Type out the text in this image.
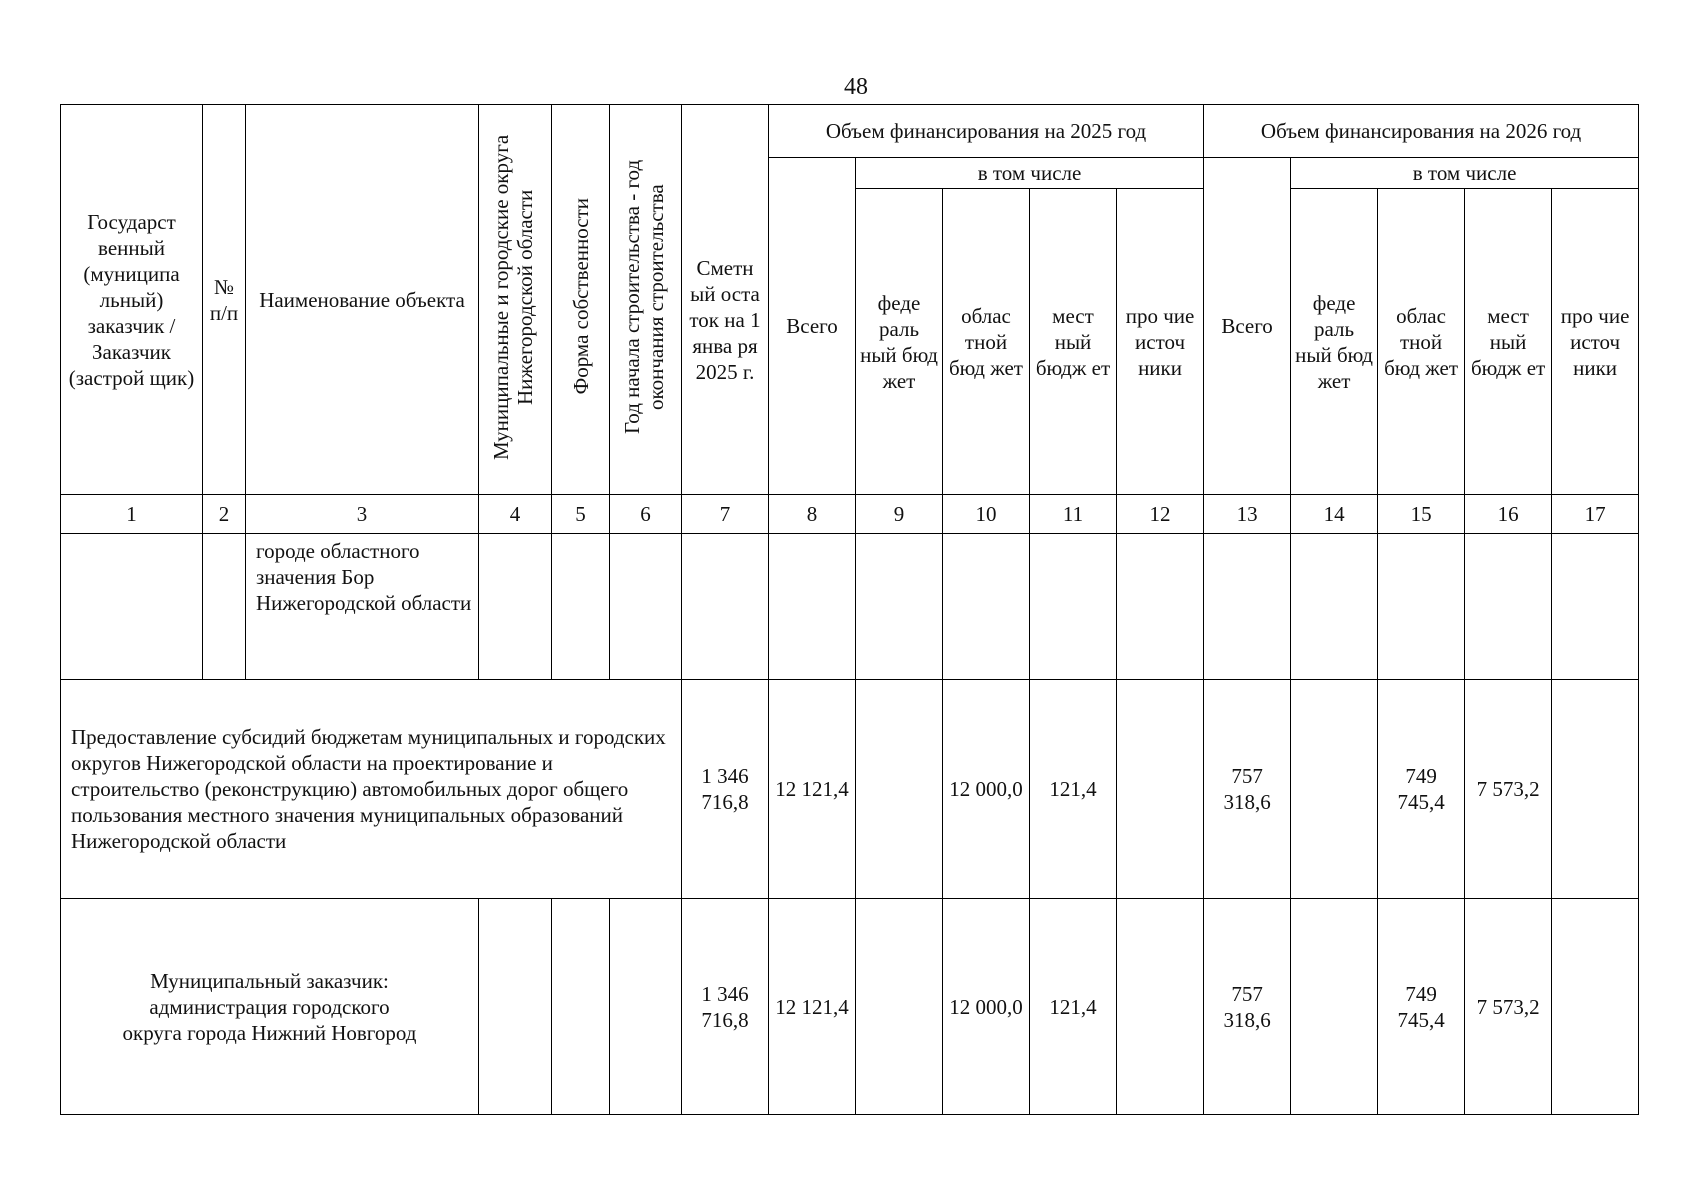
48
Государст венный (муниципа льный) заказчик / Заказчик (застрой щик)	№ п/п	Наименование объекта	Муниципальные и городские округа Нижегородской области	Форма собственности	Год начала строительства - год окончания строительства	Сметн ый оста ток на 1 янва ря 2025 г.	Объем финансирования на 2025 год					Объем финансирования на 2026 год				
							Всего	в том числе				Всего	в том числе			
								феде раль ный бюд жет	облас тной бюд жет	мест ный бюдж ет	про чие источ ники		феде раль ный бюд жет	облас тной бюд жет	мест ный бюдж ет	про чие источ ники
1	2	3	4	5	6	7	8	9	10	11	12	13	14	15	16	17
		городе областного значения Бор Нижегородской области														
Предоставление субсидий бюджетам муниципальных и городских округов Нижегородской области на проектирование и строительство (реконструкцию) автомобильных дорог общего пользования местного значения муниципальных образований Нижегородской области						1 346 716,8	12 121,4		12 000,0	121,4		757 318,6		749 745,4	7 573,2	
Муниципальный заказчик: администрация городского округа города Нижний Новгород						1 346 716,8	12 121,4		12 000,0	121,4		757 318,6		749 745,4	7 573,2	
